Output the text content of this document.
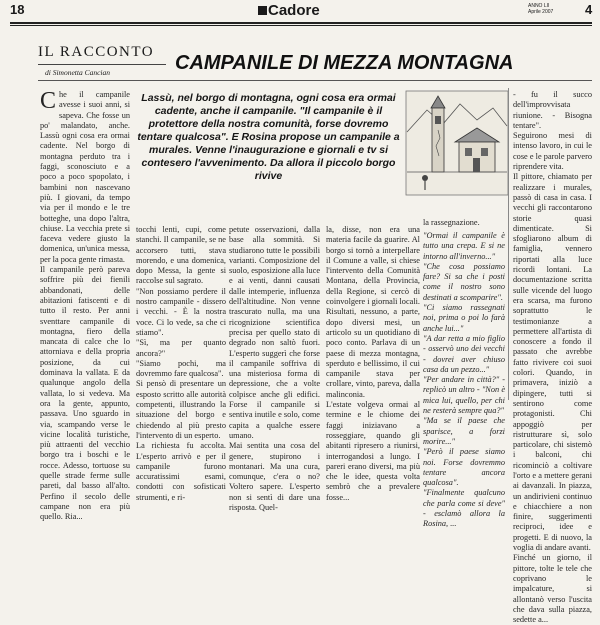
18	Cadore	ANNO LII
Aprile 2007 4
IL RACCONTO
di Simonetta Cancian	CAMPANILE DI MEZZA MONTAGNA
Lassù, nel borgo di montagna, ogni cosa era ormai cadente, anche il campanile. "Il campanile è il protettore della nostra comunità, forse dovremo tentare qualcosa". E Rosina propose un campanile a murales. Venne l'inaugurazione e giornali e tv si contesero l'avvenimento. Da allora il piccolo borgo rivive
la rassegnazione.
Che il campanile avesse i suoi anni, si sapeva. Che fosse un po' malandato, anche. Lassù ogni cosa era ormai cadente. Nel borgo di montagna perduto tra i faggi, sconosciuto e a poco a poco spopolato, i bambini non nascevano più. I giovani, da tempo via per il mondo e le tre botteghe, una dopo l'altra, chiuse. La vecchia prete si faceva vedere giusto la domenica, un'unica messa, per la poca gente rimasta.
Il campanile però pareva soffrire più dei fienili abbandonati, delle abitazioni fatiscenti e di tutto il resto. Per anni sventtare campanile di montagna, fiero della mancata di calce che lo attorniava e della propria posizione, da cui dominava la vallata. E da qualunque angolo della vallata, lo si vedeva. Ma ora la gente, appunto, passava. Uno sguardo in via, scampando verse le vicine località turistiche, più attraenti del vecchio borgo tra i boschi e le rocce. Adesso, tortuose su quelle strade ferme sulle pareti, dal basso all'alto. Perfino il secolo delle campane non era più quello. Ria...
tocchi lenti, cupi, come stanchi. Il campanile, se ne accorsero tutti, stava morendo, e una domenica, dopo Messa, la gente si raccolse sul sagrato.
"Non possiamo perdere il nostro campanile - dissero i vecchi. - È la nostra voce. Ci lo vede, sa che ci stiamo".
"Sì, ma per quanto ancora?"
"Siamo pochi, ma dovremmo fare qualcosa".
Si pensò di presentare un esposto scritto alle autorità competenti, illustrando la situazione del borgo e chiedendo al più presto l'intervento di un esperto.
La richiesta fu accolta. L'esperto arrivò e per il campanile furono accuratissimi esami, condotti con sofisticati strumenti, e ri-
petute osservazioni, dalla base alla sommità. Si studiarono tutte le possibili varianti. Composizione del suolo, esposizione alla luce e ai venti, danni causati dalle intemperie, influenza dell'altitudine. Non venne trascurato nulla, ma una ricognizione scientifica precisa per quello stato di degrado non saltò fuori. L'esperto suggerì che forse il campanile soffriva di una misteriosa forma di depressione, che a volte colpisce anche gli edifici. Forse il campanile si sentiva inutile e solo, come capita a qualche essere umano.
Mai sentita una cosa del genere, stupirono i montanari. Ma una cura, comunque, c'era o no? Voltero sapere. L'esperto non si sentì di dare una risposta. Quel-
la, disse, non era una materia facile da guarire. Al borgo si tornò a interpellare il Comune a valle, si chiese l'intervento della Comunità Montana, della Provincia, della Regione, si cercò di coinvolgere i giornali locali. Risultati, nessuno, a parte, dopo diversi mesi, un articolo su un quotidiano di poco conto. Parlava di un paese di mezza montagna, sperduto e bellissimo, il cui campanile stava per crollare, vinto, pareva, dalla malinconia.
L'estate volgeva ormai al termine e le chiome dei faggi iniziavano a rosseggiare, quando gli abitanti ripresero a riunirsi, interrogandosi a lungo. I pareri erano diversi, ma più che le idee, questa volta sembrò che a prevalere fosse...
"Ormai il campanile è tutto una crepa. E si ne intorno all'inverno..."
"Che cosa possiamo fare? Si sa che i posti come il nostro sono destinati a scomparire".
"Ci siamo rassegnati noi, prima o poi lo farà anche lui..."
"A dar retta a mio figlio - osservò uno dei vecchi - dovrei aver chiuso casa da un pezzo..."
"Per andare in città?" - replicò un altro - "Non è mica lui, quello, per chi ne resterà sempre qua?"
"Ma se il paese che sparisce, a forzi morire..."
"Però il paese siamo noi. Forse dovremmo tentare ancora qualcosa".
"Finalmente qualcuno che parla come si deve" - esclamò allora la Rosina, ...
- fu il succo dell'improvvisata riunione. - Bisogna tentare".
Seguirono mesi di intenso lavoro, in cui le cose e le parole parvero riprendere vita.
Il pittore, chiamato per realizzare i murales, passò di casa in casa. I vecchi gli raccontarono storie quasi dimenticate. Si sfogliarono album di famiglia, vennero riportati alla luce ricordi lontani. La documentazione scritta sulle vicende del luogo era scarsa, ma furono soprattutto le testimonianze a permettere all'artista di conoscere a fondo il passato che avrebbe fatto rivivere coi suoi colori. Quando, in primavera, iniziò a dipingere, tutti si sentirono come protagonisti. Chi appoggiò per ristrutturare sì, solo particolare, chi sistemò i balconi, chi ricominciò a coltivare l'orto e a mettere gerani ai davanzali. In piazza, un andirivieni continuo e chiacchiere a non finire, suggerimenti reciproci, idee e progetti. E di nuovo, la voglia di andare avanti.
Finché un giorno, il pittore, tolte le tele che coprivano le impalcature, si allontanò verso l'uscita che dava sulla piazza, sedette a...
